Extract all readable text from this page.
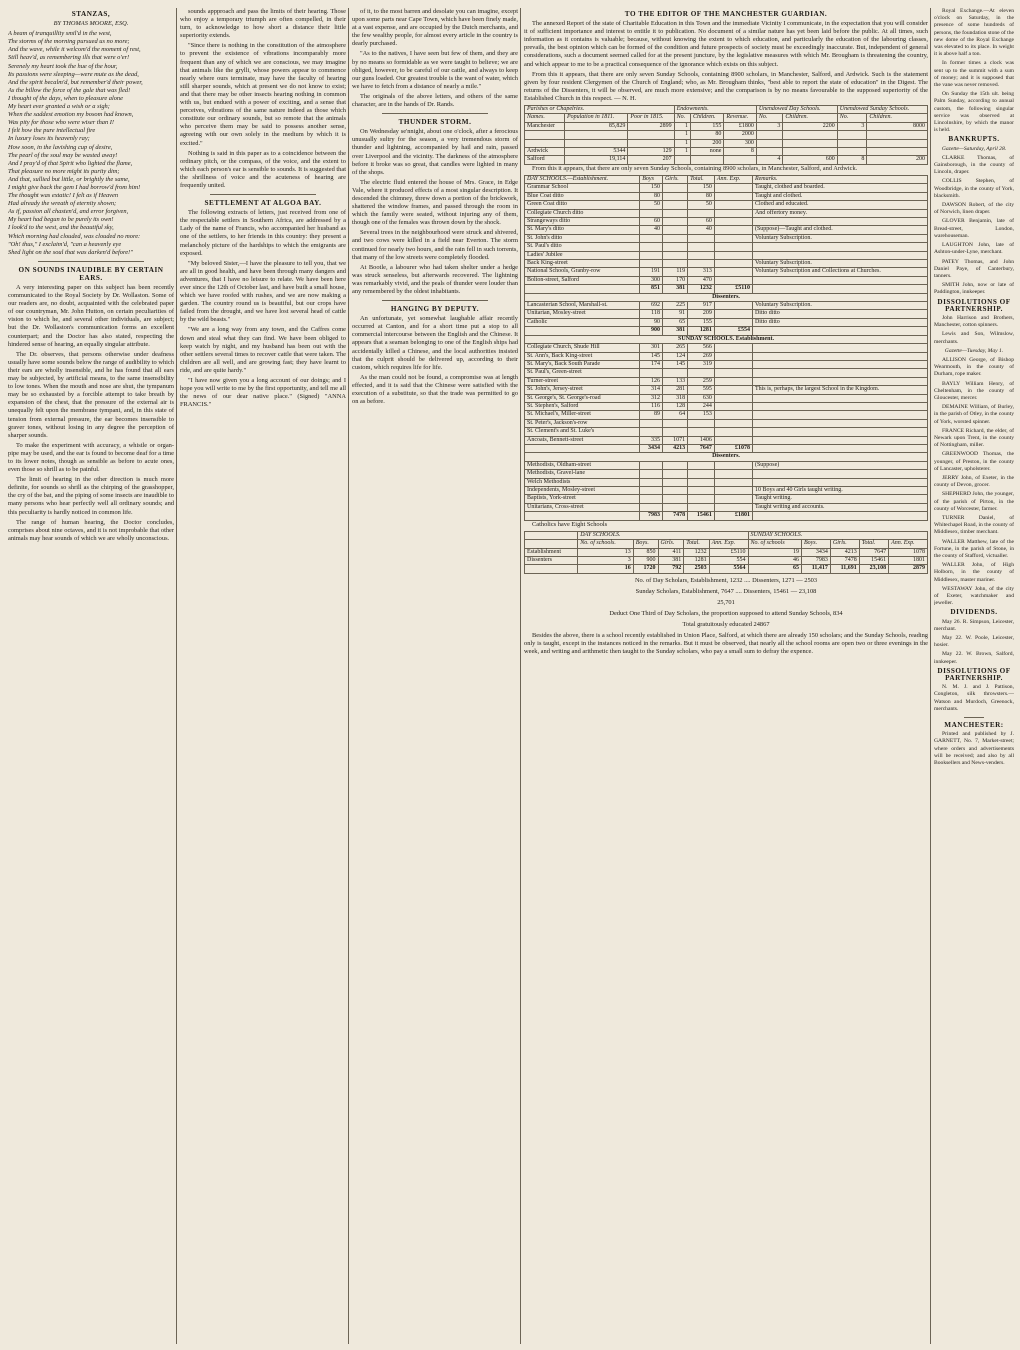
STANZAS,
BY THOMAS MOORE, ESQ.

A beam of tranquillity smil'd in the west,

The storms of the morning pursued us no more;

And the wave, while it welcom'd the moment of rest,

Still heav'd, as remembering ills that were o'er!

Serenely my heart took the hue of the hour,

Its passions were sleeping—were mute as the dead,

And the spirit becalm'd, but remember'd their power,

As the billow the force of the gale that was fled!

I thought of the days, when to pleasure alone

My heart ever granted a wish or a sigh;

When the saddest emotion my bosom had known,

Was pity for those who were wiser than I!

I felt how the pure intellectual fire

In luxury loses its heavenly ray;

How soon, in the lavishing cup of desire,

The pearl of the soul may be wasted away!

And I pray'd of that Spirit who lighted the flame,

That pleasure no more might its purity dim;

And that, sullied but little, or brightly the same,

I might give back the gem I had borrow'd from him!

The thought was extatic! I felt as if Heaven

Had already the wreath of eternity shown;

As if, passion all chasten'd, and error forgiven,

My heart had begun to be purely its own!

I look'd to the west, and the beautiful sky,

Which morning had clouded, was clouded no more:

"Oh! thus," I exclaim'd, "can a heavenly eye

Shed light on the soul that was darken'd before!"

ON SOUNDS INAUDIBLE BY CERTAIN EARS.

A very interesting paper on this subject has been recently communicated to the Royal Society by Dr. Wollaston. Some of our readers are, no doubt, acquainted with the celebrated paper of our countryman, Mr. John Hutton, on certain peculiarities of vision to which he, and several other individuals, are subject; but the Dr. Wollaston's communication forms an excellent counterpart; and the Doctor has also stated, respecting the hindered sense of hearing, an equally singular attribute.

The Dr. observes, that persons otherwise under deafness usually have some sounds below the range of audibility to which their ears are wholly insensible, and he has found that all ears may be subjected, by artificial means, to the same insensibility to low tones. When the mouth and nose are shut, the tympanum may be so exhausted by a forcible attempt to take breath by expansion of the chest, that the pressure of the external air is unequally felt upon the membrane tympani, and, in this state of tension from external pressure, the ear becomes insensible to graver tones, without losing in any degree the perception of sharper sounds.

To make the experiment with accuracy, a whistle or organ-pipe may be used, and the ear is found to become deaf for a time to its lower notes, though as sensible as before to acute ones, even those so shrill as to be painful.

The limit of hearing in the other direction is much more definite, for sounds so shrill as the chirping of the grasshopper, the cry of the bat, and the piping of some insects are inaudible to many persons who hear perfectly well all ordinary sounds; and this peculiarity is hardly noticed in common life.

The range of human hearing, the Doctor concludes, comprises about nine octaves, and it is not improbable that other animals may hear sounds of which we are wholly unconscious.

sounds appproach and pass the limits of their hearing. Those who enjoy a temporary triumph are often compelled, in their turn, to acknowledge to how short a distance their little superiority extends.

"Since there is nothing in the constitution of the atmosphere to prevent the existence of vibrations incomparably more frequent than any of which we are conscious, we may imagine that animals like the grylli, whose powers appear to commence nearly where ours terminate, may have the faculty of hearing still sharper sounds, which at present we do not know to exist; and that there may be other insects hearing nothing in common with us, but endued with a power of exciting, and a sense that perceives, vibrations of the same nature indeed as those which constitute our ordinary sounds, but so remote that the animals who perceive them may be said to possess another sense, agreeing with our own solely in the medium by which it is excited."

Nothing is said in this paper as to a coincidence between the ordinary pitch, or the compass, of the voice, and the extent to which each person's ear is sensible to sounds. It is suggested that the shrillness of voice and the acuteness of hearing are frequently united.

SETTLEMENT AT ALGOA BAY.

The following extracts of letters, just received from one of the respectable settlers in Southern Africa, are addressed by a Lady of the name of Francis, who accompanied her husband as one of the settlers, to her friends in this country: they present a melancholy picture of the hardships to which the emigrants are exposed.

"My beloved Sister,—I have the pleasure to tell you, that we are all in good health, and have been through many dangers and adventures, that I have no leisure to relate. We have been here ever since the 12th of October last, and have built a small house, which we have roofed with rushes, and we are now making a garden. The country round us is beautiful, but our crops have failed from the drought, and we have lost several head of cattle by the wild beasts."

"We are a long way from any town, and the Caffres come down and steal what they can find. We have been obliged to keep watch by night, and my husband has been out with the other settlers several times to recover cattle that were taken. The children are all well, and are growing fast; they have learnt to ride, and are quite hardy."

"I have now given you a long account of our doings; and I hope you will write to me by the first opportunity, and tell me all the news of our dear native place." (Signed) "ANNA FRANCIS."

of it, to the most barren and desolate you can imagine, except upon some parts near Cape Town, which have been finely made, at a vast expense, and are occupied by the Dutch merchants, and the few wealthy people, for almost every article in the country is dearly purchased.

"As to the natives, I have seen but few of them, and they are by no means so formidable as we were taught to believe; we are obliged, however, to be careful of our cattle, and always to keep our guns loaded. Our greatest trouble is the want of water, which we have to fetch from a distance of nearly a mile."

The originals of the above letters, and others of the same character, are in the hands of Dr. Rands.

THUNDER STORM.

On Wednesday se'nnight, about one o'clock, after a ferocious unusually sultry for the season, a very tremendous storm of thunder and lightning, accompanied by hail and rain, passed over Liverpool and the vicinity. The darkness of the atmosphere before it broke was so great, that candles were lighted in many of the shops.

The electric fluid entered the house of Mrs. Grace, in Edge Vale, where it produced effects of a most singular description. It descended the chimney, threw down a portion of the brickwork, shattered the window frames, and passed through the room in which the family were seated, without injuring any of them, though one of the females was thrown down by the shock.

Several trees in the neighbourhood were struck and shivered, and two cows were killed in a field near Everton. The storm continued for nearly two hours, and the rain fell in such torrents, that many of the low streets were completely flooded.

At Bootle, a labourer who had taken shelter under a hedge was struck senseless, but afterwards recovered. The lightning was remarkably vivid, and the peals of thunder were louder than any remembered by the oldest inhabitants.

HANGING BY DEPUTY.

An unfortunate, yet somewhat laughable affair recently occurred at Canton, and for a short time put a stop to all commercial intercourse between the English and the Chinese. It appears that a seaman belonging to one of the English ships had accidentally killed a Chinese, and the local authorities insisted that the culprit should be delivered up, according to their custom, which requires life for life.

As the man could not be found, a compromise was at length effected, and it is said that the Chinese were satisfied with the execution of a substitute, so that the trade was permitted to go on as before.

TO THE EDITOR OF THE MANCHESTER GUARDIAN.

The annexed Report of the state of Charitable Education in this Town and the immediate Vicinity I communicate, in the expectation that you will consider it of sufficient importance and interest to entitle it to publication. No document of a similar nature has yet been laid before the public. At all times, such information as it contains is valuable; because, without knowing the extent to which education, and particularly the education of the labouring classes, prevails, the best opinion which can be formed of the condition and future prospects of society must be exceedingly inaccurate. But, independent of general considerations, such a document seemed called for at the present juncture, by the legislative measures with which Mr. Brougham is threatening the country, and which appear to me to be a practical consequence of the ignorance which exists on this subject.

From this it appears, that there are only seven Sunday Schools, containing 8900 scholars, in Manchester, Salford, and Ardwick. Such is the statement given by four resident Clergymen of the Church of England; who, as Mr. Brougham thinks, "best able to report the state of education" in the Digest. The returns of the Dissenters, it will be observed, are much more extensive; and the comparison is by no means favourable to the supposed superiority of the Established Church in this respect. — N. H.

Parishes or Chapelries.			Endowments.			Unendowed Day Schools.		Unendowed Sunday Schools.	
Names.	Population in 1811.	Poor in 1815.	No.	Children.	Revenue.	No.	Children.	No.	Children.
Manchester	85,829	2899	1	155	£1800	3	2200	3	8000
			1	80	2000				
			1	200	300				
Ardwick	5344	129	1	none	8				
Salford	19,114	207				4	600	8	200

From this it appears, that there are only seven Sunday Schools, containing 8900 scholars, in Manchester, Salford, and Ardwick.

DAY SCHOOLS.—Establishment.	Boys	Girls.	Total.	Ann. Exp.	Remarks.
Grammar School	150		150		Taught, clothed and boarded.
Blue Coat ditto	80		80		Taught and clothed.
Green Coat ditto	50		50		Clothed and educated.
Collegiate Church ditto					And offertory money.
Strangeways ditto	60		60		
St. Mary's ditto	40		40		(Suppose)—Taught and clothed.
St. John's ditto					Voluntary Subscription.
St. Paul's ditto					
Ladies' Jubilee					
Back King-street					Voluntary Subscription.
National Schools, Granby-row	191	119	313		Voluntary Subscription and Collections at Churches.
Bolton-street, Salford	300	170	470		
	851	381	1232	£5110	
Dissenters.					
Lancasterian School, Marshall-st.	692	225	917		Voluntary Subscription.
Unitarian, Mosley-street	118	91	209		Ditto ditto
Catholic	90	65	155		Ditto ditto
	900	381	1281	£554	
SUNDAY SCHOOLS. Establishment.					
Collegiate Church, Shude Hill	301	265	566		
St. Ann's, Back King-street	145	124	269		
St. Mary's, Back South Parade	174	145	319		
St. Paul's, Green-street					
Turner-street	126	133	259		
St. John's, Jersey-street	314	281	595		This is, perhaps, the largest School in the Kingdom.
St. George's, St. George's-road	312	318	630		
St. Stephen's, Salford	116	128	244		
St. Michael's, Miller-street	89	64	153		
St. Peter's, Jackson's-row					
St. Clement's and St. Luke's					
Ancoats, Bennett-street	335	1071	1406		
	3434	4213	7647	£1078	
Dissenters.					
Methodists, Oldham-street					(Suppose)
Methodists, Gravel-lane					
Welch Methodists					
Independents, Mosley-street					10 Boys and 40 Girls taught writing.
Baptists, York-street					Taught writing.
Unitarians, Cross-street					Taught writing and accounts.
	7983	7478	15461	£1801	

Catholics have Eight Schools

	DAY SCHOOLS.					SUNDAY SCHOOLS.				
	No. of schools.	Boys.	Girls.	Total.	Ann. Exp.	No. of schools	Boys.	Girls.	Total.	Ann. Exp.
Establishment	13	850	411	1232	£5110	19	3434	4213	7647	1078
Dissenters	3	900	381	1281	554	46	7983	7478	15461	1801
	16	1720	792	2503	5564	65	11,417	11,691	23,108	2879
No. of Day Scholars, Establishment, 1232 .... Dissenters, 1271 — 2503
Sunday Scholars, Establishment, 7647 .... Dissenters, 15461 — 23,108
25,701
Deduct One Third of Day Scholars, the proportion supposed to attend Sunday Schools, 834
Total gratuitously educated 24867

Besides the above, there is a school recently established in Union Place, Salford, at which there are already 150 scholars; and the Sunday Schools, reading only is taught, except in the instances noticed in the remarks. But it must be observed, that nearly all the school rooms are open two or three evenings in the week, and writing and arithmetic then taught to the Sunday scholars, who pay a small sum to defray the expence.

Royal Exchange.—At eleven o'clock on Saturday, in the presence of some hundreds of persons, the foundation stone of the new dome of the Royal Exchange was elevated to its place. In weight it is above half a ton.

In former times a clock was sent up to the summit with a sum of money; and it is supposed that the vane was never removed.

On Sunday the 15th ult. being Palm Sunday, according to annual custom, the following singular service was observed at Lincolnshire, by which the manor is held.

BANKRUPTS.
Gazette—Saturday, April 28.

CLARKE Thomas, of Gainsborough, in the county of Lincoln, draper.

COLLIS Stephen, of Woodbridge, in the county of York, blacksmith.

DAWSON Robert, of the city of Norwich, linen draper.

GLOVER Benjamin, late of Bread-street, London, warehouseman.

LAUGHTON John, late of Ashton-under-Lyne, merchant.

PATEY Thomas, and John Daniel Paye, of Canterbury, tanners.

SMITH John, now or late of Paddington, innkeeper.

DISSOLUTIONS OF PARTNERSHIP.

John Harrison and Brothers, Manchester, cotton spinners.

Lewis and Son, Wilmslow, merchants.

Gazette—Tuesday, May 1.

ALLISON George, of Bishop Wearmouth, in the county of Durham, rope maker.

BAYLY William Henry, of Cheltenham, in the county of Gloucester, mercer.

DEMAINE William, of Burley, in the parish of Otley, in the county of York, worsted spinner.

FRANCE Richard, the elder, of Newark upon Trent, in the county of Nottingham, miller.

GREENWOOD Thomas, the younger, of Preston, in the county of Lancaster, upholsterer.

JERRY John, of Exeter, in the county of Devon, grocer.

SHEPHERD John, the younger, of the parish of Pirton, in the county of Worcester, farmer.

TURNER Daniel, of Whitechapel Road, in the county of Middlesex, timber merchant.

WALLER Matthew, late of the Fortune, in the parish of Stone, in the county of Stafford, victualler.

WALLER John, of High Holborn, in the county of Middlesex, master mariner.

WESTAWAY John, of the city of Exeter, watchmaker and jeweller.

DIVIDENDS.

May 26. R. Simpson, Leicester, merchant.

May 22. W. Poole, Leicester, hosier.

May 22. W. Brown, Salford, innkeeper.

DISSOLUTIONS OF PARTNERSHIP.

N. M. J. and J. Pattison, Congleton, silk throwsters.—Watson and Murdoch, Greenock, merchants.

MANCHESTER:

Printed and published by J. GARNETT, No. 7, Market-street; where orders and advertisements will be received; and also by all Booksellers and News-venders.
